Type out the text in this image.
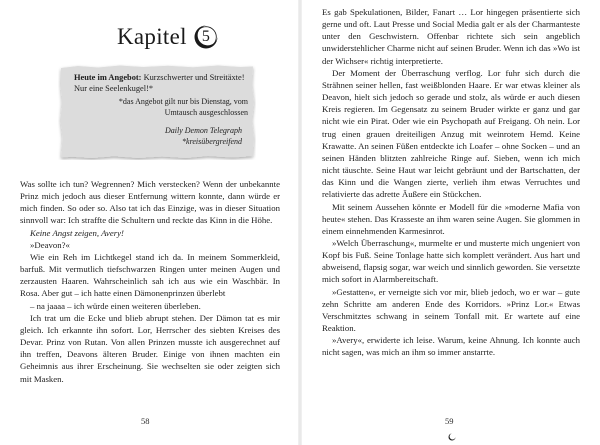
Kapitel 5
Heute im Angebot: Kurzschwerter und Streitäxte! Nur eine Seelenkugel!*
*das Angebot gilt nur bis Dienstag, vom Umtausch ausgeschlossen
Daily Demon Telegraph
*kreisübergreifend

Was sollte ich tun? Wegrennen? Mich verstecken? Wenn der unbekannte Prinz mich jedoch aus dieser Entfernung wittern konnte, dann würde er mich finden. So oder so. Also tat ich das Einzige, was in dieser Situation sinnvoll war: Ich straffte die Schultern und reckte das Kinn in die Höhe.

Keine Angst zeigen, Avery!

»Deavon?«

Wie ein Reh im Lichtkegel stand ich da. In meinem Sommerkleid, barfuß. Mit vermutlich tiefschwarzen Ringen unter meinen Augen und zerzausten Haaren. Wahrscheinlich sah ich aus wie ein Waschbär. In Rosa. Aber gut – ich hatte einen Dämonenprinzen überlebt

– na jaaaa – ich würde einen weiteren überleben.

Ich trat um die Ecke und blieb abrupt stehen. Der Dämon tat es mir gleich. Ich erkannte ihn sofort. Lor, Herrscher des siebten Kreises des Devar. Prinz von Rutan. Von allen Prinzen musste ich ausgerechnet auf ihn treffen, Deavons älteren Bruder. Einige von ihnen machten ein Geheimnis aus ihrer Erscheinung. Sie wechselten sie oder zeigten sich mit Masken.

58

Es gab Spekulationen, Bilder, Fanart … Lor hingegen präsentierte sich gerne und oft. Laut Presse und Social Media galt er als der Charmanteste unter den Geschwistern. Offenbar richtete sich sein angeblich unwiderstehlicher Charme nicht auf seinen Bruder. Wenn ich das »Wo ist der Wichser« richtig interpretierte.

Der Moment der Überraschung verflog. Lor fuhr sich durch die Strähnen seiner hellen, fast weißblonden Haare. Er war etwas kleiner als Deavon, hielt sich jedoch so gerade und stolz, als würde er auch diesen Kreis regieren. Im Gegensatz zu seinem Bruder wirkte er ganz und gar nicht wie ein Pirat. Oder wie ein Psychopath auf Freigang. Oh nein. Lor trug einen grauen dreiteiligen Anzug mit weinrotem Hemd. Keine Krawatte. An seinen Füßen entdeckte ich Loafer – ohne Socken – und an seinen Händen blitzten zahlreiche Ringe auf. Sieben, wenn ich mich nicht täuschte. Seine Haut war leicht gebräunt und der Bartschatten, der das Kinn und die Wangen zierte, verlieh ihm etwas Verruchtes und relativierte das adrette Äußere ein Stückchen.

Mit seinem Aussehen könnte er Modell für die »moderne Mafia von heute« stehen. Das Krasseste an ihm waren seine Augen. Sie glommen in einem einnehmenden Karmesinrot.

»Welch Überraschung«, murmelte er und musterte mich ungeniert von Kopf bis Fuß. Seine Tonlage hatte sich komplett verändert. Aus hart und abweisend, flapsig sogar, war weich und sinnlich geworden. Sie versetzte mich sofort in Alarmbereitschaft.

»Gestatten«, er verneigte sich vor mir, blieb jedoch, wo er war – gute zehn Schritte am anderen Ende des Korridors. »Prinz Lor.« Etwas Verschmitztes schwang in seinem Tonfall mit. Er wartete auf eine Reaktion.

»Avery«, erwiderte ich leise. Warum, keine Ahnung. Ich konnte auch nicht sagen, was mich an ihm so immer anstarrte.

59
